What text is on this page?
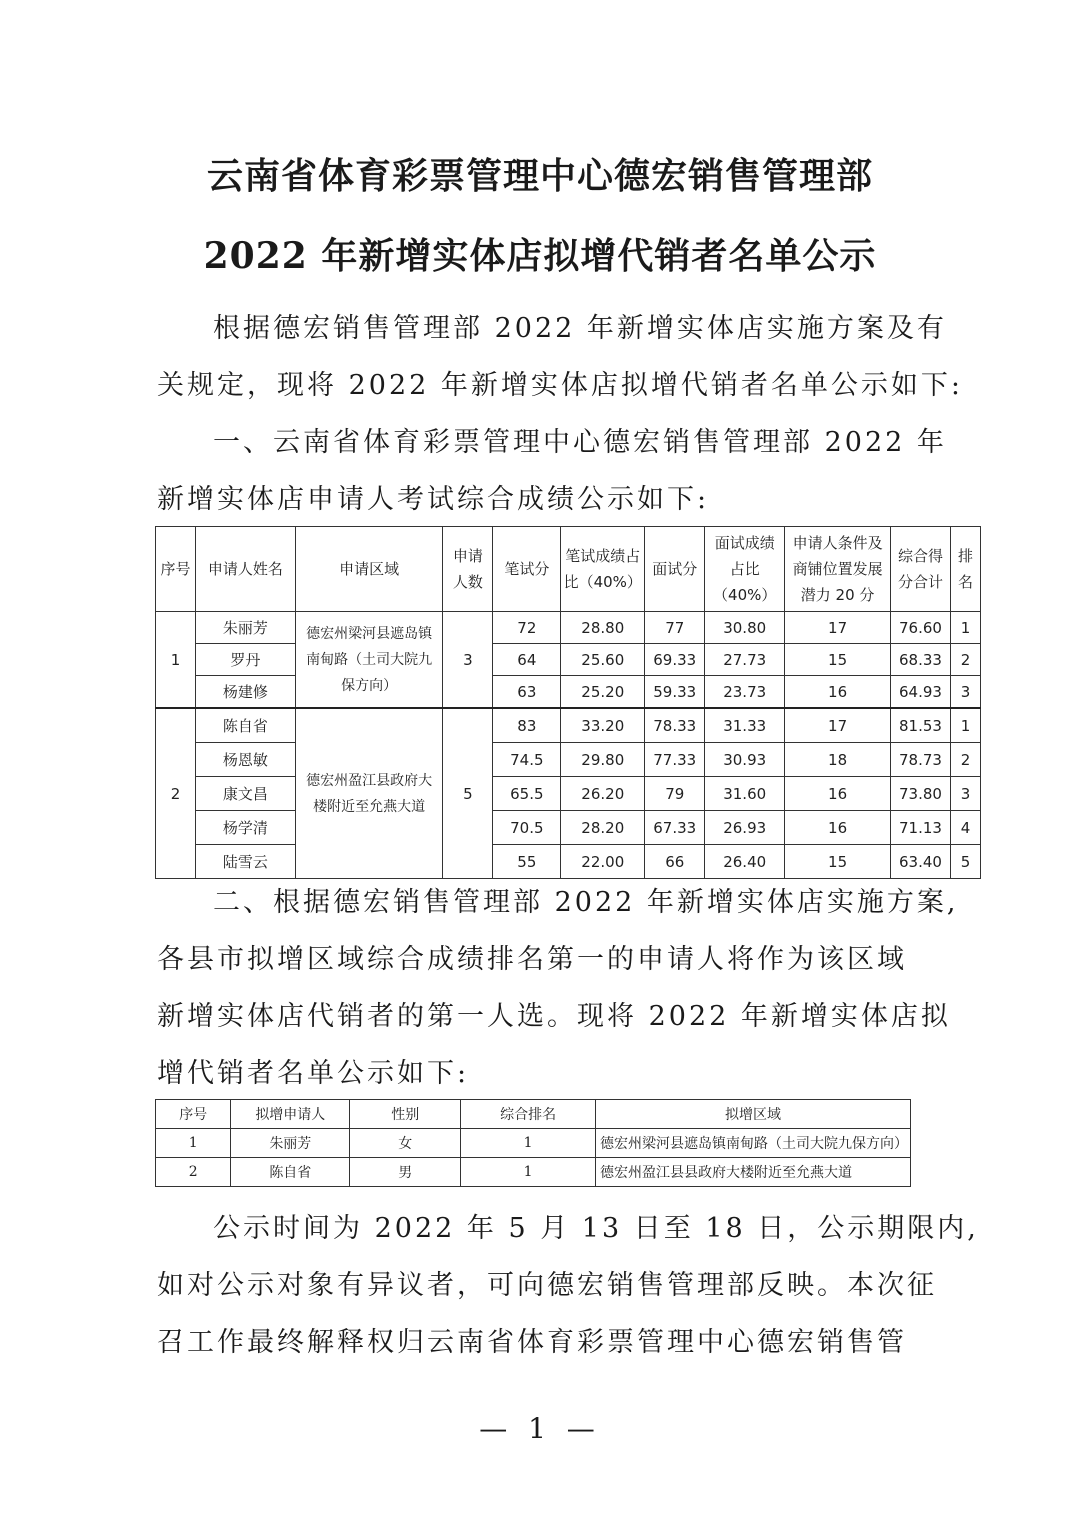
云南省体育彩票管理中心德宏销售管理部
2022 年新增实体店拟增代销者名单公示
根据德宏销售管理部 2022 年新增实体店实施方案及有
关规定，现将 2022 年新增实体店拟增代销者名单公示如下:
一、云南省体育彩票管理中心德宏销售管理部 2022 年
新增实体店申请人考试综合成绩公示如下:
序号	申请人姓名	申请区域	申请人数	笔试分	笔试成绩占比（40%）	面试分	面试成绩占比（40%）	申请人条件及商铺位置发展潜力 20 分	综合得分合计	排名
1	朱丽芳	德宏州梁河县遮岛镇南甸路（土司大院九保方向）	3	72	28.80	77	30.80	17	76.60	1
	罗丹			64	25.60	69.33	27.73	15	68.33	2
	杨建修			63	25.20	59.33	23.73	16	64.93	3
2	陈自省	德宏州盈江县政府大楼附近至允燕大道	5	83	33.20	78.33	31.33	17	81.53	1
	杨恩敏			74.5	29.80	77.33	30.93	18	78.73	2
	康文昌			65.5	26.20	79	31.60	16	73.80	3
	杨学清			70.5	28.20	67.33	26.93	16	71.13	4
	陆雪云			55	22.00	66	26.40	15	63.40	5
二、根据德宏销售管理部 2022 年新增实体店实施方案,
各县市拟增区域综合成绩排名第一的申请人将作为该区域
新增实体店代销者的第一人选。现将 2022 年新增实体店拟
增代销者名单公示如下:
序号	拟增申请人	性别	综合排名	拟增区域
1	朱丽芳	女	1	德宏州梁河县遮岛镇南甸路（土司大院九保方向）
2	陈自省	男	1	德宏州盈江县县政府大楼附近至允燕大道
公示时间为 2022 年 5 月 13 日至 18 日，公示期限内,
如对公示对象有异议者，可向德宏销售管理部反映。本次征
召工作最终解释权归云南省体育彩票管理中心德宏销售管
— 1 —
